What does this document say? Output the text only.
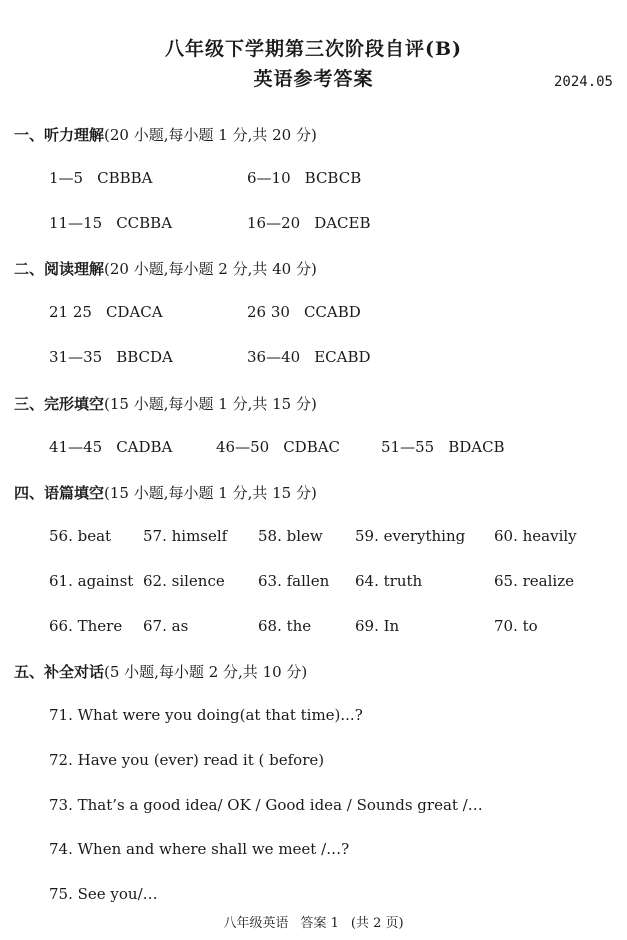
八年级下学期第三次阶段自评(B)
英语参考答案	2024.05
一、听力理解(20 小题,每小题 1 分,共 20 分)
1—5 CBBBA	6—10 BCBCB
11—15 CCBBA	16—20 DACEB
二、阅读理解(20 小题,每小题 2 分,共 40 分)
21 25 CDACA	26 30 CCABD
31—35 BBCDA	36—40 ECABD
三、完形填空(15 小题,每小题 1 分,共 15 分)
41—45 CADBA	46—50 CDBAC	51—55 BDACB
四、语篇填空(15 小题,每小题 1 分,共 15 分)
56. beat 57. himself 58. blew 59. everything 60. heavily
61. against 62. silence 63. fallen 64. truth	65. realize
66. There 67. as	68. the	69. In	70. to
五、补全对话(5 小题,每小题 2 分,共 10 分)
71. What were you doing(at that time)...?
72. Have you (ever) read it ( before)
73. That’s a good idea/ OK / Good idea / Sounds great /…
74. When and where shall we meet /…?
75. See you/…
八年级英语 答案 1 (共 2 页)
